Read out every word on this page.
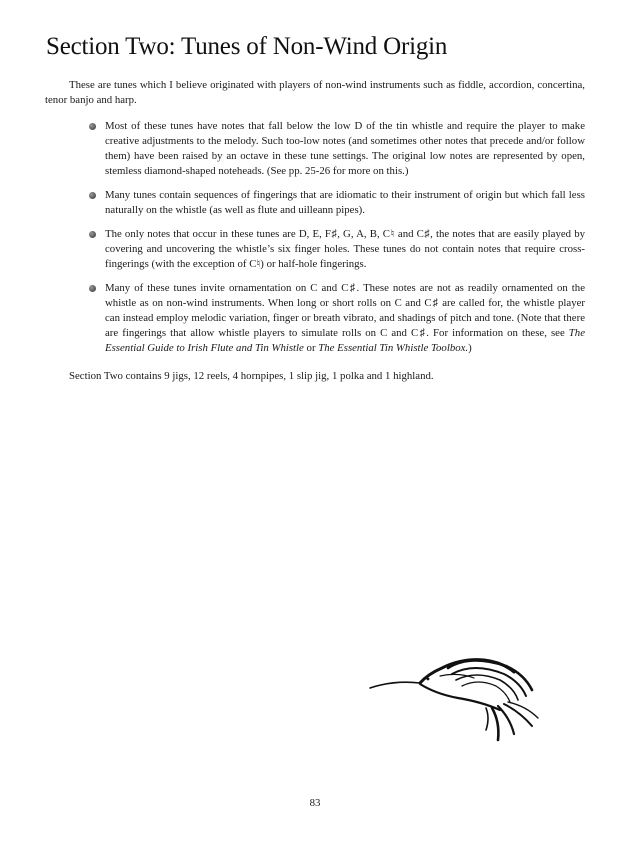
Section Two: Tunes of Non-Wind Origin

These are tunes which I believe originated with players of non-wind instruments such as fiddle, accordion, concertina, tenor banjo and harp.

Most of these tunes have notes that fall below the low D of the tin whistle and require the player to make creative adjustments to the melody. Such too-low notes (and sometimes other notes that precede and/or follow them) have been raised by an octave in these tune settings. The original low notes are represented by open, stemless diamond-shaped noteheads. (See pp. 25-26 for more on this.)
Many tunes contain sequences of fingerings that are idiomatic to their instrument of origin but which fall less naturally on the whistle (as well as flute and uilleann pipes).
The only notes that occur in these tunes are D, E, F♯, G, A, B, C♮ and C♯, the notes that are easily played by covering and uncovering the whistle’s six finger holes. These tunes do not contain notes that require cross-fingerings (with the exception of C♮) or half-hole fingerings.
Many of these tunes invite ornamentation on C and C♯. These notes are not as readily ornamented on the whistle as on non-wind instruments. When long or short rolls on C and C♯ are called for, the whistle player can instead employ melodic variation, finger or breath vibrato, and shadings of pitch and tone. (Note that there are fingerings that allow whistle players to simulate rolls on C and C♯. For information on these, see The Essential Guide to Irish Flute and Tin Whistle or The Essential Tin Whistle Toolbox.)

Section Two contains 9 jigs, 12 reels, 4 hornpipes, 1 slip jig, 1 polka and 1 highland.

83
